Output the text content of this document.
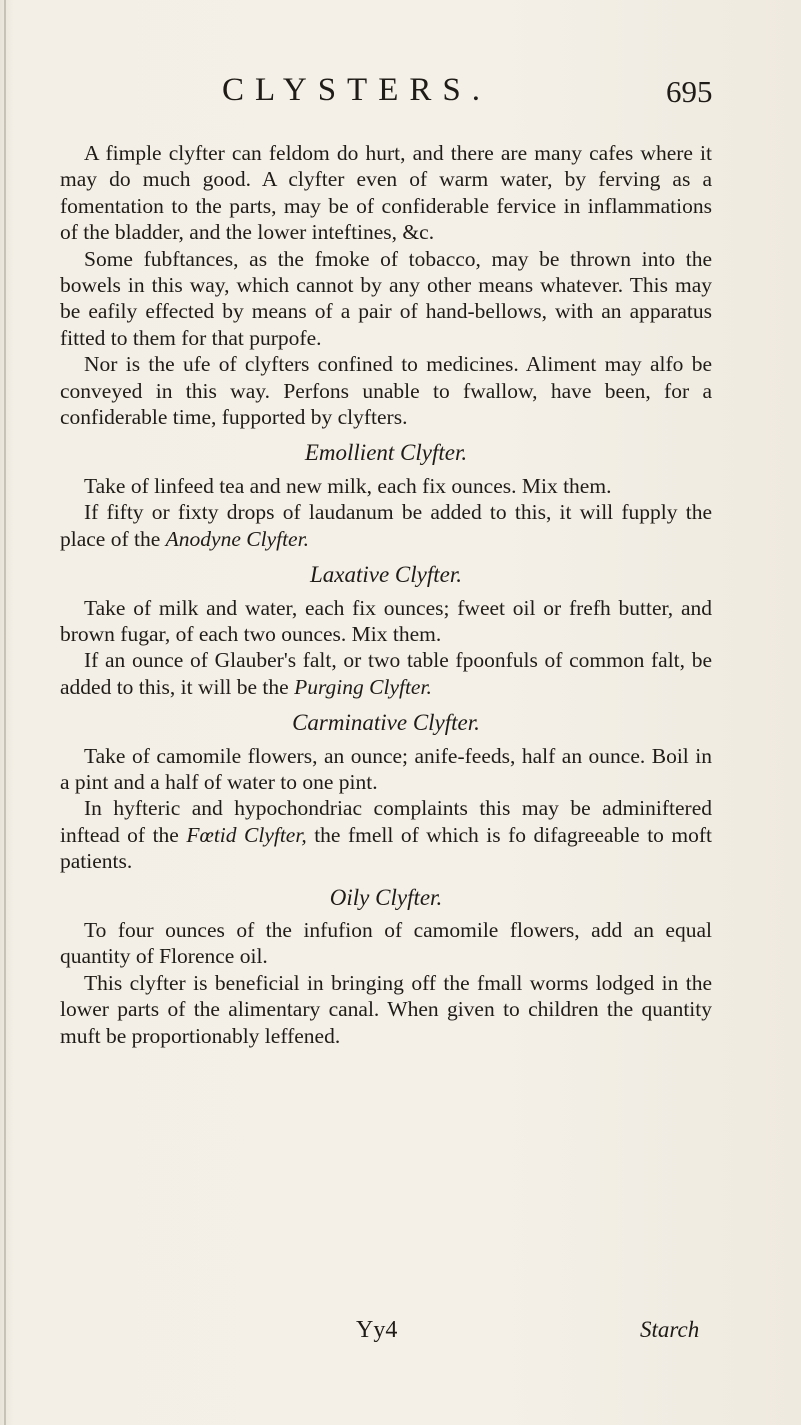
CLYSTERS.	695

A fimple clyfter can feldom do hurt, and there are many cafes where it may do much good. A clyfter even of warm water, by ferving as a fomentation to the parts, may be of confiderable fervice in inflammations of the bladder, and the lower inteftines, &c.

Some fubftances, as the fmoke of tobacco, may be thrown into the bowels in this way, which cannot by any other means whatever. This may be eafily effected by means of a pair of hand-bellows, with an apparatus fitted to them for that purpofe.

Nor is the ufe of clyfters confined to medicines. Aliment may alfo be conveyed in this way. Perfons unable to fwallow, have been, for a confiderable time, fupported by clyfters.

Emollient Clyfter.

Take of linfeed tea and new milk, each fix ounces. Mix them.

If fifty or fixty drops of laudanum be added to this, it will fupply the place of the Anodyne Clyfter.

Laxative Clyfter.

Take of milk and water, each fix ounces; fweet oil or frefh butter, and brown fugar, of each two ounces. Mix them.

If an ounce of Glauber's falt, or two table fpoonfuls of common falt, be added to this, it will be the Purging Clyfter.

Carminative Clyfter.

Take of camomile flowers, an ounce; anife-feeds, half an ounce. Boil in a pint and a half of water to one pint.

In hyfteric and hypochondriac complaints this may be adminiftered inftead of the Fœtid Clyfter, the fmell of which is fo difagreeable to moft patients.

Oily Clyfter.

To four ounces of the infufion of camomile flowers, add an equal quantity of Florence oil.

This clyfter is beneficial in bringing off the fmall worms lodged in the lower parts of the alimentary canal. When given to children the quantity muft be proportionably leffened.

Yy4	Starch
